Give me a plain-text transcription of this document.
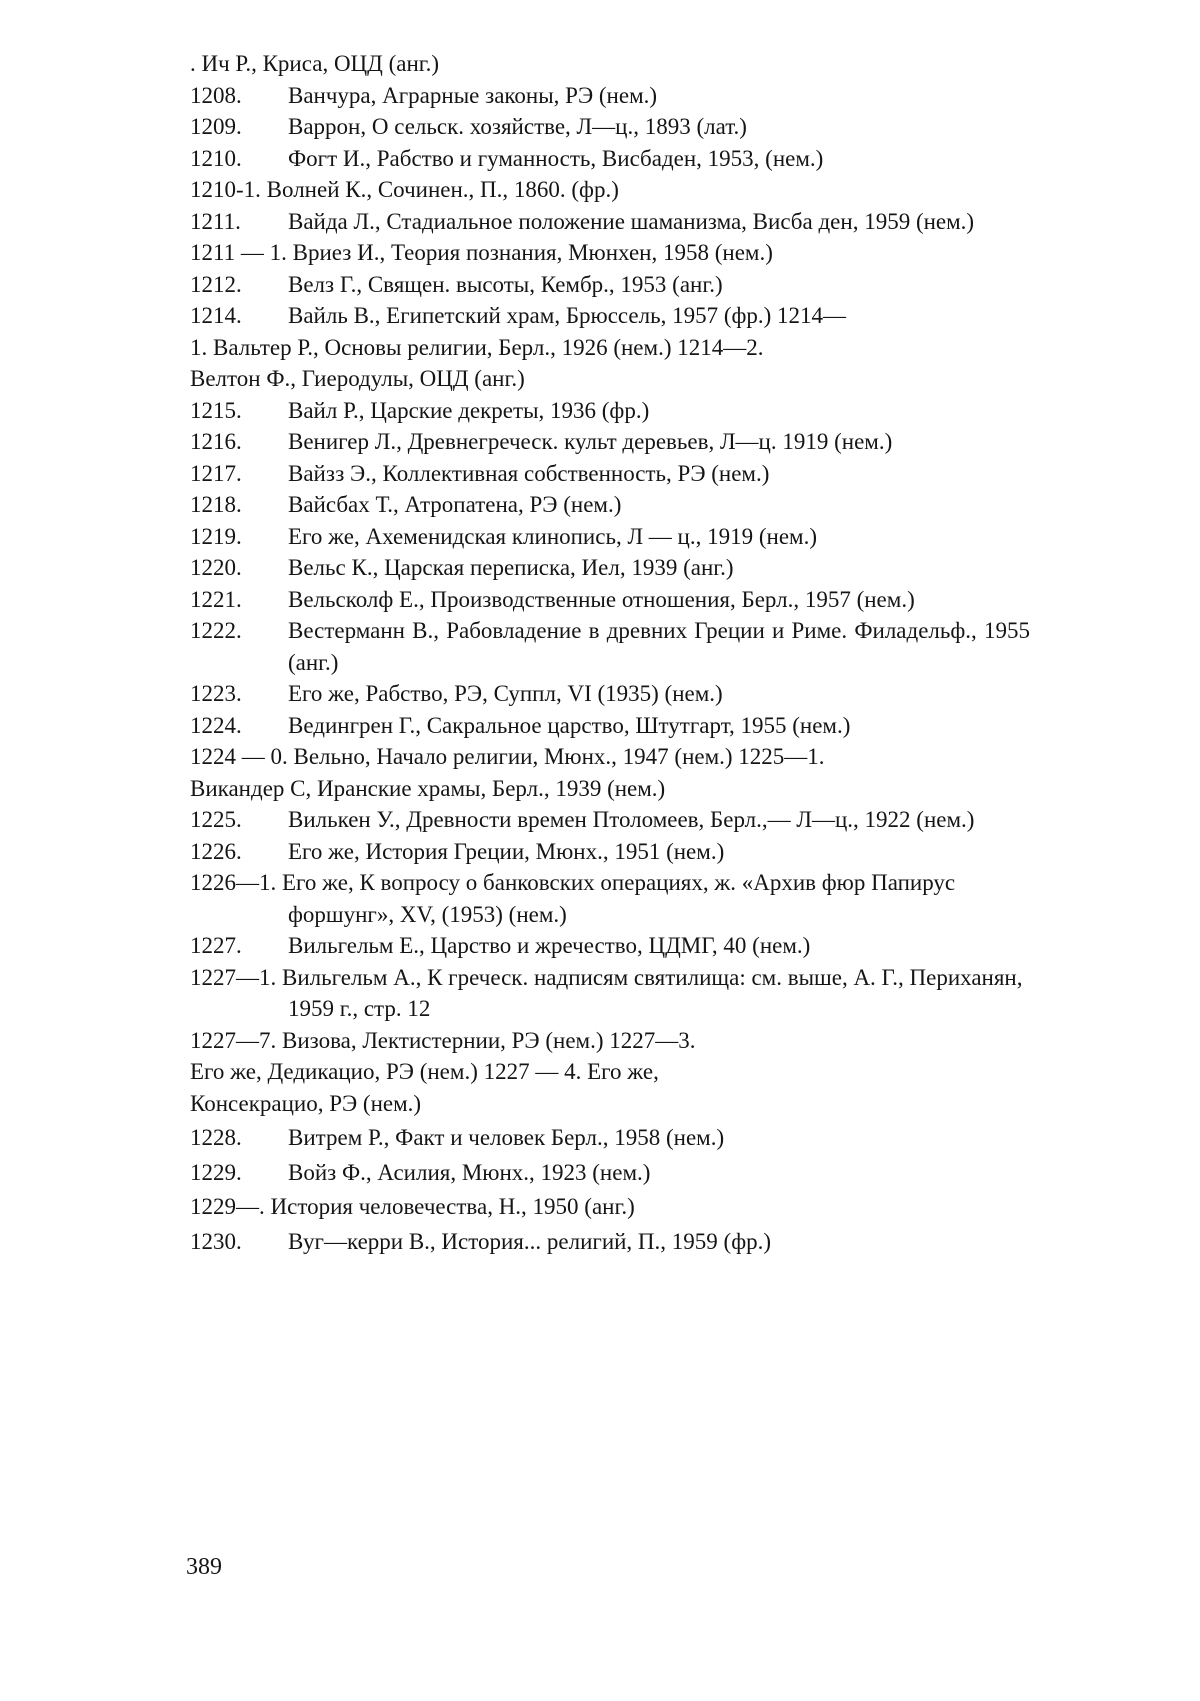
. Ич Р., Криса, ОЦД (анг.)
1208. Ванчура, Аграрные законы, РЭ (нем.)
1209. Варрон, О сельск. хозяйстве, Л—ц., 1893 (лат.)
1210. Фогт И., Рабство и гуманность, Висбаден, 1953, (нем.)
1210-1. Волней К., Сочинен., П., 1860. (фр.)
1211. Вайда Л., Стадиальное положение шаманизма, Висба ден, 1959 (нем.)
1211 — 1. Вриез И., Теория познания, Мюнхен, 1958 (нем.)
1212. Велз Г., Священ. высоты, Кембр., 1953 (анг.)
1214. Вайль В., Египетский храм, Брюссель, 1957 (фр.) 1214—
1. Вальтер Р., Основы религии, Берл., 1926 (нем.) 1214—2.
Велтон Ф., Гиеродулы, ОЦД (анг.)
1215. Вайл Р., Царские декреты, 1936 (фр.)
1216. Венигер Л., Древнегреческ. культ деревьев, Л—ц. 1919 (нем.)
1217. Вайзз Э., Коллективная собственность, РЭ (нем.)
1218. Вайсбах Т., Атропатена, РЭ (нем.)
1219. Его же, Ахеменидская клинопись, Л — ц., 1919 (нем.)
1220. Вельс К., Царская переписка, Иел, 1939 (анг.)
1221. Вельсколф Е., Производственные отношения, Берл., 1957 (нем.)
1222. Вестерманн В., Рабовладение в древних Греции и Риме. Филадельф., 1955 (анг.)
1223. Его же, Рабство, РЭ, Суппл, VI (1935) (нем.)
1224. Ведингрен Г., Сакральное царство, Штутгарт, 1955 (нем.)
1224 — 0. Вельно, Начало религии, Мюнх., 1947 (нем.) 1225—1.
Викандер С, Иранские храмы, Берл., 1939 (нем.)
1225. Вилькен У., Древности времен Птоломеев, Берл.,— Л—ц., 1922 (нем.)
1226. Его же, История Греции, Мюнх., 1951 (нем.)
1226—1. Его же, К вопросу о банковских операциях, ж. «Архив фюр Папирус форшунг», XV, (1953) (нем.)
1227. Вильгельм Е., Царство и жречество, ЦДМГ, 40 (нем.)
1227—1. Вильгельм А., К греческ. надписям святилища: см. выше, А. Г., Периханян, 1959 г., стр. 12
1227—7. Визова, Лектистернии, РЭ (нем.) 1227—3.
Его же, Дедикацио, РЭ (нем.) 1227 — 4. Его же,
Консекрацио, РЭ (нем.)
1228. Витрем Р., Факт и человек Берл., 1958 (нем.)
1229. Войз Ф., Асилия, Мюнх., 1923 (нем.)
1229—. История человечества, Н., 1950 (анг.)
1230. Вуг—керри В., История... религий, П., 1959 (фр.)
389
